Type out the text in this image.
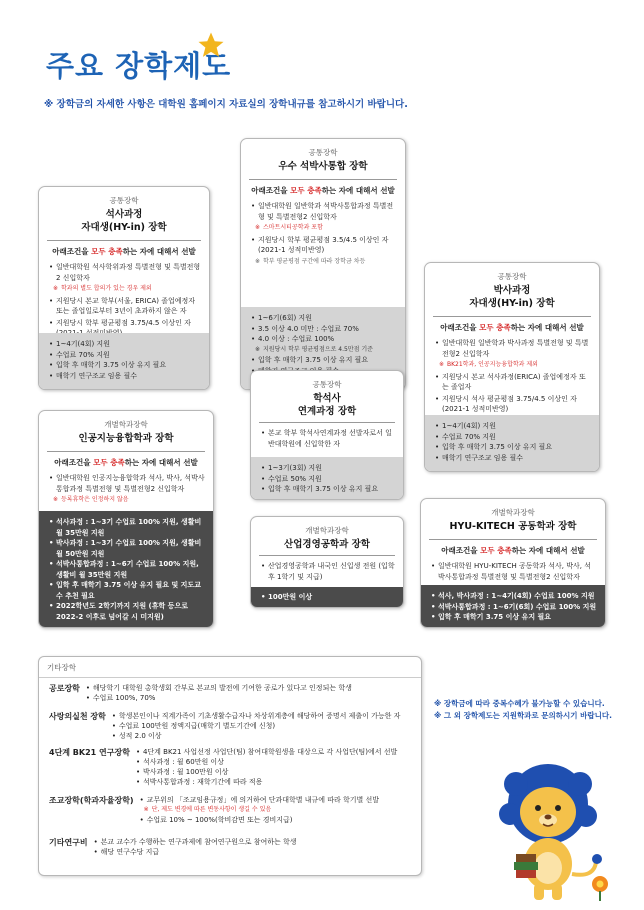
주요 장학제도
※ 장학금의 자세한 사항은 대학원 홈페이지 자료실의 장학내규를 참고하시기 바랍니다.
공통장학
석사과정
자대생(HY-in) 장학
아래조건을 모두 충족하는 자에 대해서 선발
• 일반대학원 석사학위과정 특별전형 및 특별전형2 신입학자
※ 학과의 별도 합의가 있는 경우 제외
• 지원당시 본교 학부(서울, ERICA) 졸업예정자 또는 졸업일로부터 3년이 초과하지 않은 자
• 지원당시 학부 평균평점 3.75/4.5 이상인 자
• 1~4기(4회) 지원
• 수업료 70% 지원
• 입학 후 매학기 3.75 이상 유지 필요
• 매학기 연구조교 임용 필수
공통장학
우수 석박사통합 장학
아래조건을 모두 충족하는 자에 대해서 선발
• 일반대학원 일반학과 석박사통합과정 특별전형 및 특별전형2 신입학자
※ 스마트시티공학과 포함
• 지원당시 학부 평균평점 3.5/4.5 이상인 자 (2021-1 성적미반영)
※ 학부 평균평점 구간에 따라 장학금 차등
• 1~6기(6회) 지원
• 3.5 이상 4.0 미만 : 수업료 70%
• 4.0 이상 : 수업료 100%
※ 지원당시 학부 평균평점으로 4.5만점 기준
• 입학 후 매학기 3.75 이상 유지 필요
•
공통장학
박사과정
자대생(HY-in) 장학
아래조건을 모두 충족하는 자에 대해서 선발
• 일반대학원 일반학과 박사과정 특별전형 및 특별전형2 신입학자
※ BK21학과, 인공지능융합학과 제외
• 지원당시 본교 석사과정(ERICA) 졸업예정자 또는 졸업자
• 지원당시 석사 평균평점 3.75/4.5 이상인 자 (2021-1 성적미반영)
• 1~4기(4회) 지원
• 수업료 70% 지원
• 입학 후 매학기 3.75 이상 유지 필요
• 매학기 연구조교 임용 필수
개별학과장학
인공지능융합학과 장학
아래조건을 모두 충족하는 자에 대해서 선발
• 일반대학원 인공지능융합학과 석사, 박사, 석박사통합과정 특별전형 및 특별전형2 신입학자
※ 등록휴학은 인정하지 않음
• 석사과정 : 1~3기 수업료 100% 지원, 생활비 월 35만원 지원
• 박사과정 : 1~3기 수업료 100% 지원, 생활비 월 50만원 지원
• 석박사통합과정 : 1~6기 수업료 100% 지원, 생활비 월 35만원 지원
• 입학 후 매학기 3.75 이상 유지 필요 및 지도교수 추천 필요
• 2022학년도 2학기까지 지원 (휴학 등으로 2022-2 이후로 넘어갈 시 미지원)
공통장학
학석사
연계과정 장학
• 본교 학부 학석사연계과정 선발자로서 일반대학원에 신입학한 자
• 1~3기(3회) 지원
• 수업료 50% 지원
• 입학 후 매학기 3.75 이상 유지 필요
개별학과장학
산업경영공학과 장학
• 산업경영공학과 내국인 신입생 전원 (입학 후 1학기 및 지급)
• 100만원 이상
개별학과장학
HYU-KITECH 공동학과 장학
아래조건을 모두 충족하는 자에 대해서 선발
• 일반대학원 HYU-KITECH 공동학과 석사, 박사, 석박사통합과정 특별전형 및 특별전형2 신입학자
• 석사, 박사과정 : 1~4기(4회) 수업료 100% 지원
• 석박사통합과정 : 1~6기(6회) 수업료 100% 지원
• 입학 후 매학기 3.75 이상 유지 필요
기타장학
공로장학	• 해당학기 대학원 총학생회 간부로 본교의 발전에 기여한 공로가 있다고 인정되는 학생
• 수업료 100%, 70%
사랑의실천 장학	• 학생본인이나 직계가족이 기초생활수급자나 차상위계층에 해당하여 증명서 제출이 가능한 자
• 수업료 100만원 정액지급(매학기 별도기간에 신청)
• 성적 2.0 이상
4단계 BK21 연구장학	• 4단계 BK21 사업선정 사업단(팀) 참여대학원생을 대상으로 각 사업단(팀)에서 선발
• 석사과정 : 월 60만원 이상
• 박사과정 : 월 100만원 이상
• 석박사통합과정 : 재학기간에 따라 적용
조교장학(학과자율장학)	• 교무위의 「조교임용규정」에 의거하여 단과대학별 내규에 따라 학기별 선발
※ 단, 제도 변경에 따른 변동사항이 생길 수 있음
• 수업료 10% ~ 100%(학비감면 또는 경비지급)
기타연구비	• 본교 교수가 수행하는 연구과제에 참여연구원으로 참여하는 학생
• 해당 연구수당 지급

※ 장학금에 따라 중복수혜가 불가능할 수 있습니다.

※ 그 외 장학제도는 지원학과로 문의하시기 바랍니다.
